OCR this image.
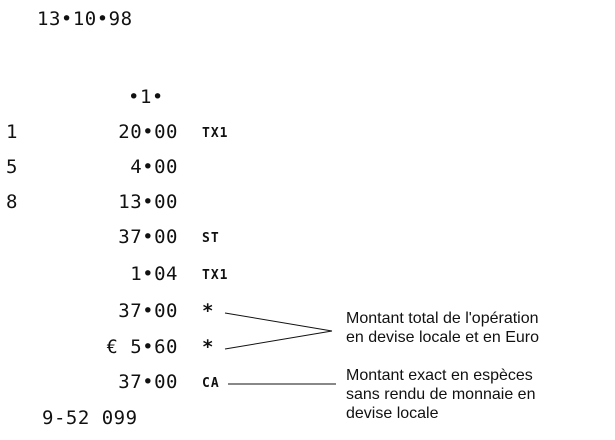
13•10•98
•1•
1	20•00 TX1
5	4•00
8	13•00
37•00 ST
1•04 TX1
37•00 *
€ 5•60 *
37•00 CA
9-52 099
Montant total de l'opération
en devise locale et en Euro
Montant exact en espèces
sans rendu de monnaie en
devise locale
